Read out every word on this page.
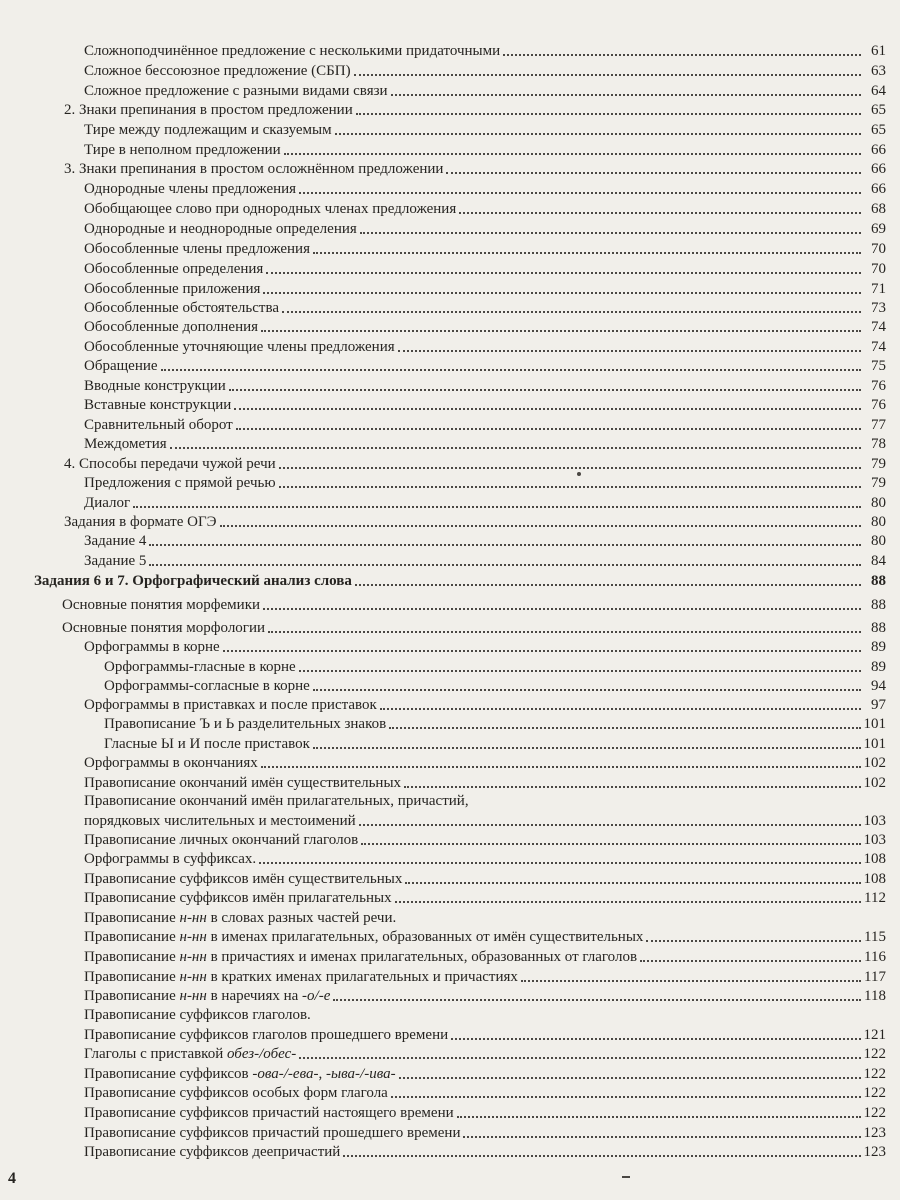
Сложноподчинённое предложение с несколькими придаточными	61
Сложное бессоюзное предложение (СБП)	63
Сложное предложение с разными видами связи	64
2. Знаки препинания в простом предложении	65
Тире между подлежащим и сказуемым	65
Тире в неполном предложении	66
3. Знаки препинания в простом осложнённом предложении	66
Однородные члены предложения	66
Обобщающее слово при однородных членах предложения	68
Однородные и неоднородные определения	69
Обособленные члены предложения	70
Обособленные определения	70
Обособленные приложения	71
Обособленные обстоятельства	73
Обособленные дополнения	74
Обособленные уточняющие члены предложения	74
Обращение	75
Вводные конструкции	76
Вставные конструкции	76
Сравнительный оборот	77
Междометия	78
4. Способы передачи чужой речи	79
Предложения с прямой речью	79
Диалог	80
Задания в формате ОГЭ	80
Задание 4	80
Задание 5	84
Задания 6 и 7. Орфографический анализ слова	88
Основные понятия морфемики	88
Основные понятия морфологии	88
Орфограммы в корне	89
Орфограммы-гласные в корне	89
Орфограммы-согласные в корне	94
Орфограммы в приставках и после приставок	97
Правописание Ъ и Ь разделительных знаков	101
Гласные Ы и И после приставок	101
Орфограммы в окончаниях	102
Правописание окончаний имён существительных	102
Правописание окончаний имён прилагательных, причастий,
порядковых числительных и местоимений	103
Правописание личных окончаний глаголов	103
Орфограммы в суффиксах.	108
Правописание суффиксов имён существительных	108
Правописание суффиксов имён прилагательных	112
Правописание н-нн в словах разных частей речи.
Правописание н-нн в именах прилагательных, образованных от имён существительных	115
Правописание н-нн в причастиях и именах прилагательных, образованных от глаголов	116
Правописание н-нн в кратких именах прилагательных и причастиях	117
Правописание н-нн в наречиях на -о/-е	118
Правописание суффиксов глаголов.
Правописание суффиксов глаголов прошедшего времени	121
Глаголы с приставкой обез-/обес-	122
Правописание суффиксов -ова-/-ева-, -ыва-/-ива-	122
Правописание суффиксов особых форм глагола	122
Правописание суффиксов причастий настоящего времени	122
Правописание суффиксов причастий прошедшего времени	123
Правописание суффиксов деепричастий	123
4
